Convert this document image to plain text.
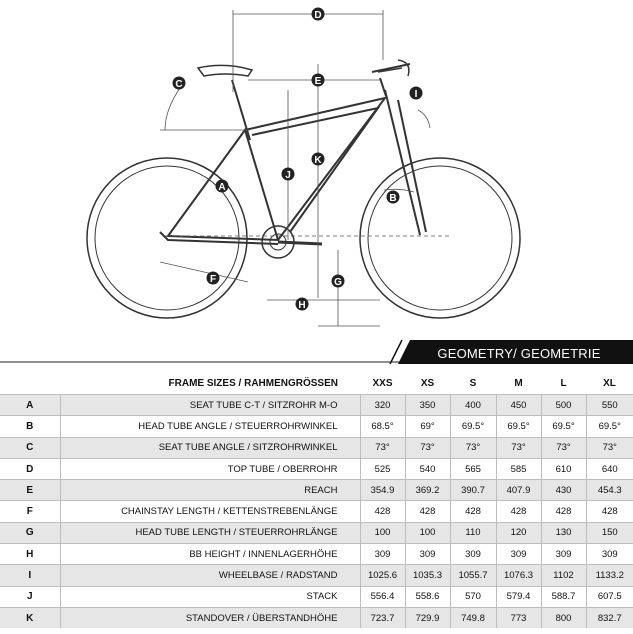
A
B
C
D
E
F	G
H
I
J
K
GEOMETRY/ GEOMETRIE
	FRAME SIZES / RAHMENGRÖSSEN	XXS	XS	S	M	L	XL
A	SEAT TUBE C-T / SITZROHR M-O	320	350	400	450	500	550
B	HEAD TUBE ANGLE / STEUERROHRWINKEL	68.5°	69°	69.5°	69.5°	69.5°	69.5°
C	SEAT TUBE ANGLE / SITZROHRWINKEL	73°	73°	73°	73°	73°	73°
D	TOP TUBE / OBERROHR	525	540	565	585	610	640
E	REACH	354.9	369.2	390.7	407.9	430	454.3
F	CHAINSTAY LENGTH / KETTENSTREBENLÄNGE	428	428	428	428	428	428
G	HEAD TUBE LENGTH / STEUERROHRLÄNGE	100	100	110	120	130	150
H	BB HEIGHT / INNENLAGERHÖHE	309	309	309	309	309	309
I	WHEELBASE / RADSTAND	1025.6	1035.3	1055.7	1076.3	1102	1133.2
J	STACK	556.4	558.6	570	579.4	588.7	607.5
K	STANDOVER / ÜBERSTANDHÖHE	723.7	729.9	749.8	773	800	832.7
